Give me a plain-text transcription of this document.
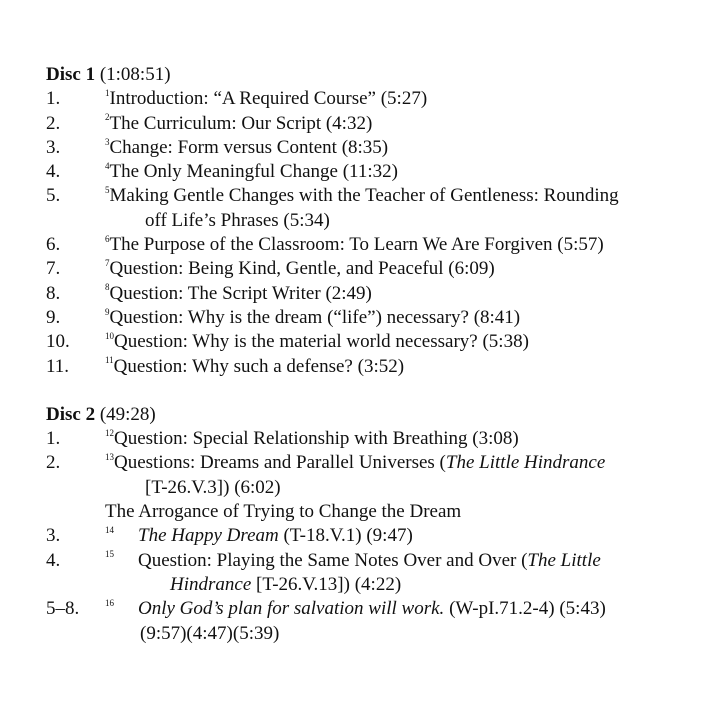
Disc 1 (1:08:51)
1.	$^1$Introduction: “A Required Course” (5:27)
2.	$^2$The Curriculum: Our Script (4:32)
3.	$^3$Change: Form versus Content (8:35)
4.	$^4$The Only Meaningful Change (11:32)
5.	$^5$Making Gentle Changes with the Teacher of Gentleness: Rounding
off Life’s Phrases (5:34)
6.	$^6$The Purpose of the Classroom: To Learn We Are Forgiven (5:57)
7.	$^7$Question: Being Kind, Gentle, and Peaceful (6:09)
8.	$^8$Question: The Script Writer (2:49)
9.	$^9$Question: Why is the dream (“life”) necessary? (8:41)
10.	$^{10}$Question: Why is the material world necessary? (5:38)
11.	$^{11}$Question: Why such a defense? (3:52)
Disc 2 (49:28)
1.	$^{12}$Question: Special Relationship with Breathing (3:08)
2.	$^{13}$Questions: Dreams and Parallel Universes (The Little Hindrance
[T-26.V.3]) (6:02)
The Arrogance of Trying to Change the Dream
3.	$^{14}$ The Happy Dream (T-18.V.1) (9:47)
4.	$^{15}$ Question: Playing the Same Notes Over and Over (The Little
Hindrance [T-26.V.13]) (4:22)
5–8.	$^{16}$ Only God’s plan for salvation will work. (W-pI.71.2-4) (5:43)
(9:57)(4:47)(5:39)
